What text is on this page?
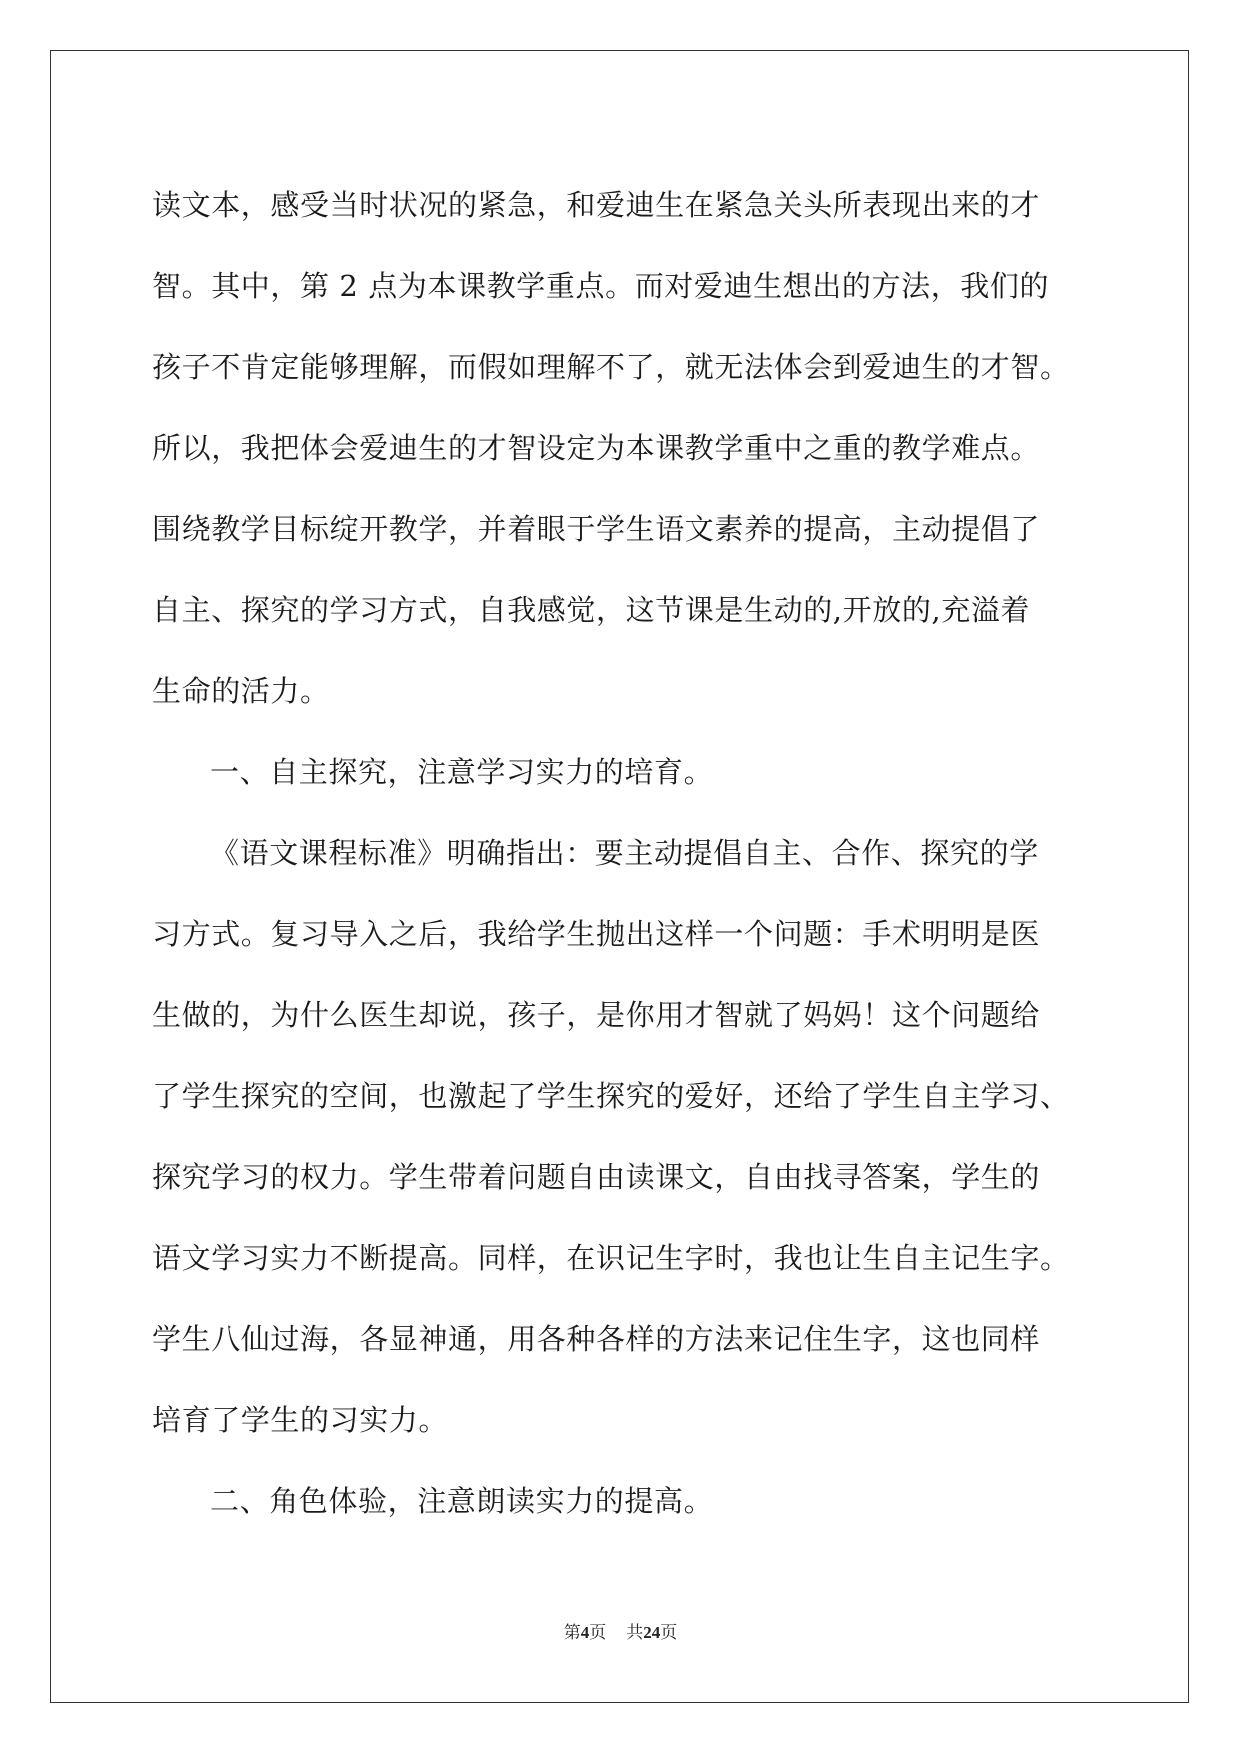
读文本，感受当时状况的紧急，和爱迪生在紧急关头所表现出来的才
智。其中，第 2 点为本课教学重点。而对爱迪生想出的方法，我们的
孩子不肯定能够理解，而假如理解不了，就无法体会到爱迪生的才智。
所以，我把体会爱迪生的才智设定为本课教学重中之重的教学难点。
围绕教学目标绽开教学，并着眼于学生语文素养的提高，主动提倡了
自主、探究的学习方式，自我感觉，这节课是生动的,开放的,充溢着
生命的活力。
一、自主探究，注意学习实力的培育。
《语文课程标准》明确指出：要主动提倡自主、合作、探究的学
习方式。复习导入之后，我给学生抛出这样一个问题：手术明明是医
生做的，为什么医生却说，孩子，是你用才智就了妈妈！这个问题给
了学生探究的空间，也激起了学生探究的爱好，还给了学生自主学习、
探究学习的权力。学生带着问题自由读课文，自由找寻答案，学生的
语文学习实力不断提高。同样，在识记生字时，我也让生自主记生字。
学生八仙过海，各显神通，用各种各样的方法来记住生字，这也同样
培育了学生的习实力。
二、角色体验，注意朗读实力的提高。
第4页 共24页
